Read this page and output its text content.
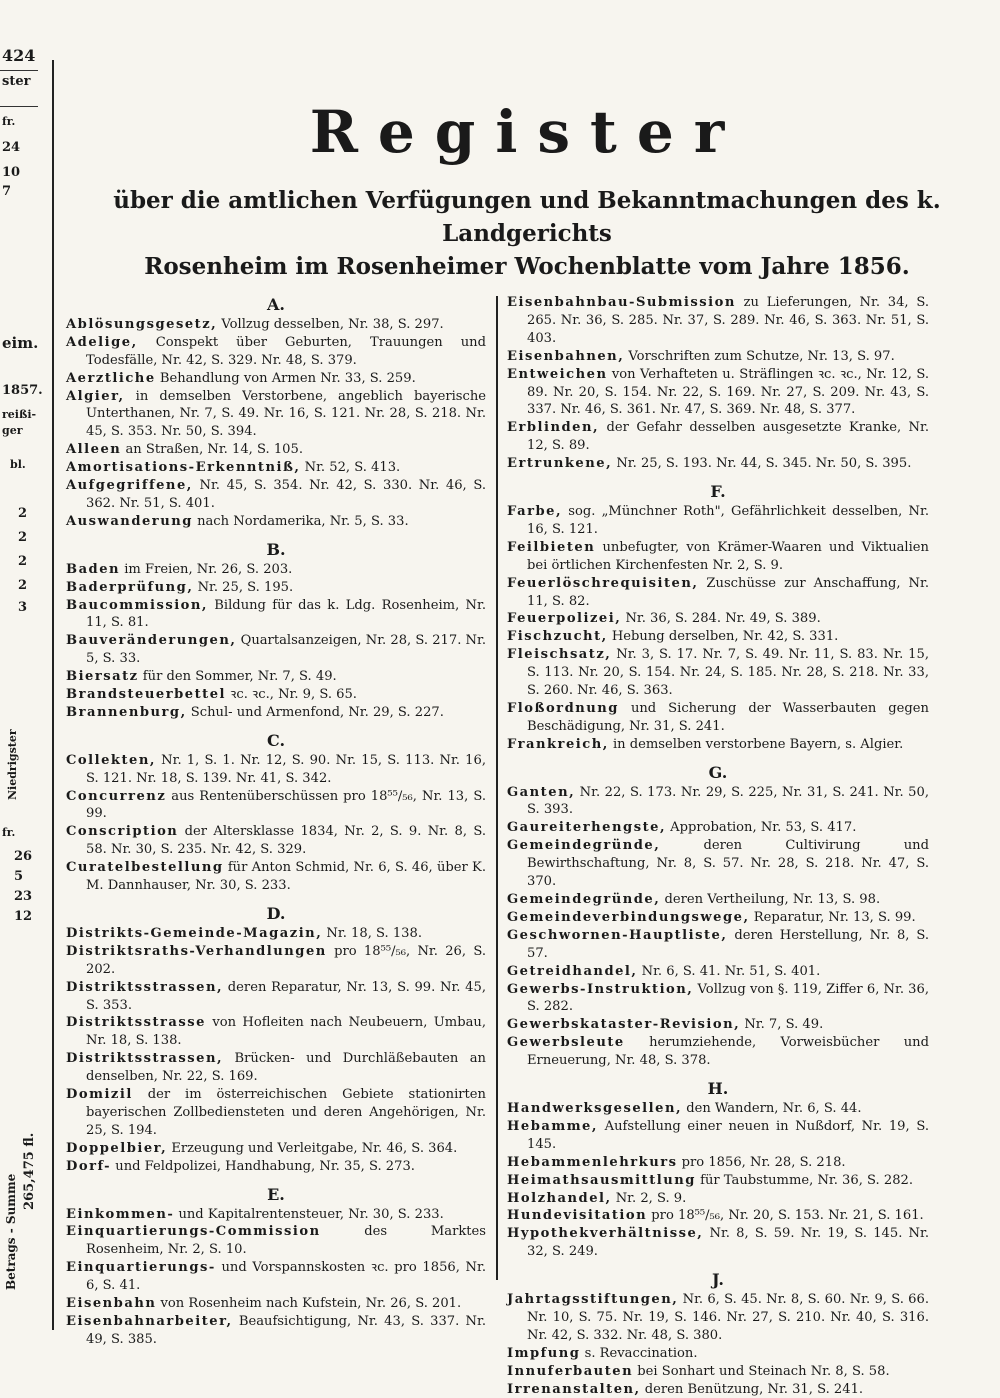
424
ster
fr.
24
10
7
eim.
1857.
reißi-
ger
bl.
2
2
2
2
3
Niedrigster
fr.
26
5
23
12
Betrags - Summe
265,475 fl.
Register
über die amtlichen Verfügungen und Bekanntmachungen des k. Landgerichts
Rosenheim im Rosenheimer Wochenblatte vom Jahre 1856.
A.
Ablösungsgesetz, Vollzug desselben, Nr. 38, S. 297.
Adelige, Conspekt über Geburten, Trauungen und Todesfälle, Nr. 42, S. 329. Nr. 48, S. 379.
Aerztliche Behandlung von Armen Nr. 33, S. 259.
Algier, in demselben Verstorbene, angeblich bayerische Unterthanen, Nr. 7, S. 49. Nr. 16, S. 121. Nr. 28, S. 218. Nr. 45, S. 353. Nr. 50, S. 394.
Alleen an Straßen, Nr. 14, S. 105.
Amortisations-Erkenntniß, Nr. 52, S. 413.
Aufgegriffene, Nr. 45, S. 354. Nr. 42, S. 330. Nr. 46, S. 362. Nr. 51, S. 401.
Auswanderung nach Nordamerika, Nr. 5, S. 33.
B.
Baden im Freien, Nr. 26, S. 203.
Baderprüfung, Nr. 25, S. 195.
Baucommission, Bildung für das k. Ldg. Rosenheim, Nr. 11, S. 81.
Bauveränderungen, Quartalsanzeigen, Nr. 28, S. 217. Nr. 5, S. 33.
Biersatz für den Sommer, Nr. 7, S. 49.
Brandsteuerbettel ꝛc. ꝛc., Nr. 9, S. 65.
Brannenburg, Schul- und Armenfond, Nr. 29, S. 227.
C.
Collekten, Nr. 1, S. 1. Nr. 12, S. 90. Nr. 15, S. 113. Nr. 16, S. 121. Nr. 18, S. 139. Nr. 41, S. 342.
Concurrenz aus Rentenüberschüssen pro 18⁵⁵/₅₆, Nr. 13, S. 99.
Conscription der Altersklasse 1834, Nr. 2, S. 9. Nr. 8, S. 58. Nr. 30, S. 235. Nr. 42, S. 329.
Curatelbestellung für Anton Schmid, Nr. 6, S. 46, über K. M. Dannhauser, Nr. 30, S. 233.
D.
Distrikts-Gemeinde-Magazin, Nr. 18, S. 138.
Distriktsraths-Verhandlungen pro 18⁵⁵/₅₆, Nr. 26, S. 202.
Distriktsstrassen, deren Reparatur, Nr. 13, S. 99. Nr. 45, S. 353.
Distriktsstrasse von Hofleiten nach Neubeuern, Umbau, Nr. 18, S. 138.
Distriktsstrassen, Brücken- und Durchläßebauten an denselben, Nr. 22, S. 169.
Domizil der im österreichischen Gebiete stationirten bayerischen Zollbediensteten und deren Angehörigen, Nr. 25, S. 194.
Doppelbier, Erzeugung und Verleitgabe, Nr. 46, S. 364.
Dorf- und Feldpolizei, Handhabung, Nr. 35, S. 273.
E.
Einkommen- und Kapitalrentensteuer, Nr. 30, S. 233.
Einquartierungs-Commission des Marktes Rosenheim, Nr. 2, S. 10.
Einquartierungs- und Vorspannskosten ꝛc. pro 1856, Nr. 6, S. 41.
Eisenbahn von Rosenheim nach Kufstein, Nr. 26, S. 201.
Eisenbahnarbeiter, Beaufsichtigung, Nr. 43, S. 337. Nr. 49, S. 385.
Eisenbahnbau-Submission zu Lieferungen, Nr. 34, S. 265. Nr. 36, S. 285. Nr. 37, S. 289. Nr. 46, S. 363. Nr. 51, S. 403.
Eisenbahnen, Vorschriften zum Schutze, Nr. 13, S. 97.
Entweichen von Verhafteten u. Sträflingen ꝛc. ꝛc., Nr. 12, S. 89. Nr. 20, S. 154. Nr. 22, S. 169. Nr. 27, S. 209. Nr. 43, S. 337. Nr. 46, S. 361. Nr. 47, S. 369. Nr. 48, S. 377.
Erblinden, der Gefahr desselben ausgesetzte Kranke, Nr. 12, S. 89.
Ertrunkene, Nr. 25, S. 193. Nr. 44, S. 345. Nr. 50, S. 395.
F.
Farbe, sog. „Münchner Roth", Gefährlichkeit desselben, Nr. 16, S. 121.
Feilbieten unbefugter, von Krämer-Waaren und Viktualien bei örtlichen Kirchenfesten Nr. 2, S. 9.
Feuerlöschrequisiten, Zuschüsse zur Anschaffung, Nr. 11, S. 82.
Feuerpolizei, Nr. 36, S. 284. Nr. 49, S. 389.
Fischzucht, Hebung derselben, Nr. 42, S. 331.
Fleischsatz, Nr. 3, S. 17. Nr. 7, S. 49. Nr. 11, S. 83. Nr. 15, S. 113. Nr. 20, S. 154. Nr. 24, S. 185. Nr. 28, S. 218. Nr. 33, S. 260. Nr. 46, S. 363.
Floßordnung und Sicherung der Wasserbauten gegen Beschädigung, Nr. 31, S. 241.
Frankreich, in demselben verstorbene Bayern, s. Algier.
G.
Ganten, Nr. 22, S. 173. Nr. 29, S. 225, Nr. 31, S. 241. Nr. 50, S. 393.
Gaureiterhengste, Approbation, Nr. 53, S. 417.
Gemeindegründe, deren Cultivirung und Bewirthschaftung, Nr. 8, S. 57. Nr. 28, S. 218. Nr. 47, S. 370.
Gemeindegründe, deren Vertheilung, Nr. 13, S. 98.
Gemeindeverbindungswege, Reparatur, Nr. 13, S. 99.
Geschwornen-Hauptliste, deren Herstellung, Nr. 8, S. 57.
Getreidhandel, Nr. 6, S. 41. Nr. 51, S. 401.
Gewerbs-Instruktion, Vollzug von §. 119, Ziffer 6, Nr. 36, S. 282.
Gewerbskataster-Revision, Nr. 7, S. 49.
Gewerbsleute herumziehende, Vorweisbücher und Erneuerung, Nr. 48, S. 378.
H.
Handwerksgesellen, den Wandern, Nr. 6, S. 44.
Hebamme, Aufstellung einer neuen in Nußdorf, Nr. 19, S. 145.
Hebammenlehrkurs pro 1856, Nr. 28, S. 218.
Heimathsausmittlung für Taubstumme, Nr. 36, S. 282.
Holzhandel, Nr. 2, S. 9.
Hundevisitation pro 18⁵⁵/₅₆, Nr. 20, S. 153. Nr. 21, S. 161.
Hypothekverhältnisse, Nr. 8, S. 59. Nr. 19, S. 145. Nr. 32, S. 249.
J.
Jahrtagsstiftungen, Nr. 6, S. 45. Nr. 8, S. 60. Nr. 9, S. 66. Nr. 10, S. 75. Nr. 19, S. 146. Nr. 27, S. 210. Nr. 40, S. 316. Nr. 42, S. 332. Nr. 48, S. 380.
Impfung s. Revaccination.
Innuferbauten bei Sonhart und Steinach Nr. 8, S. 58.
Irrenanstalten, deren Benützung, Nr. 31, S. 241.
